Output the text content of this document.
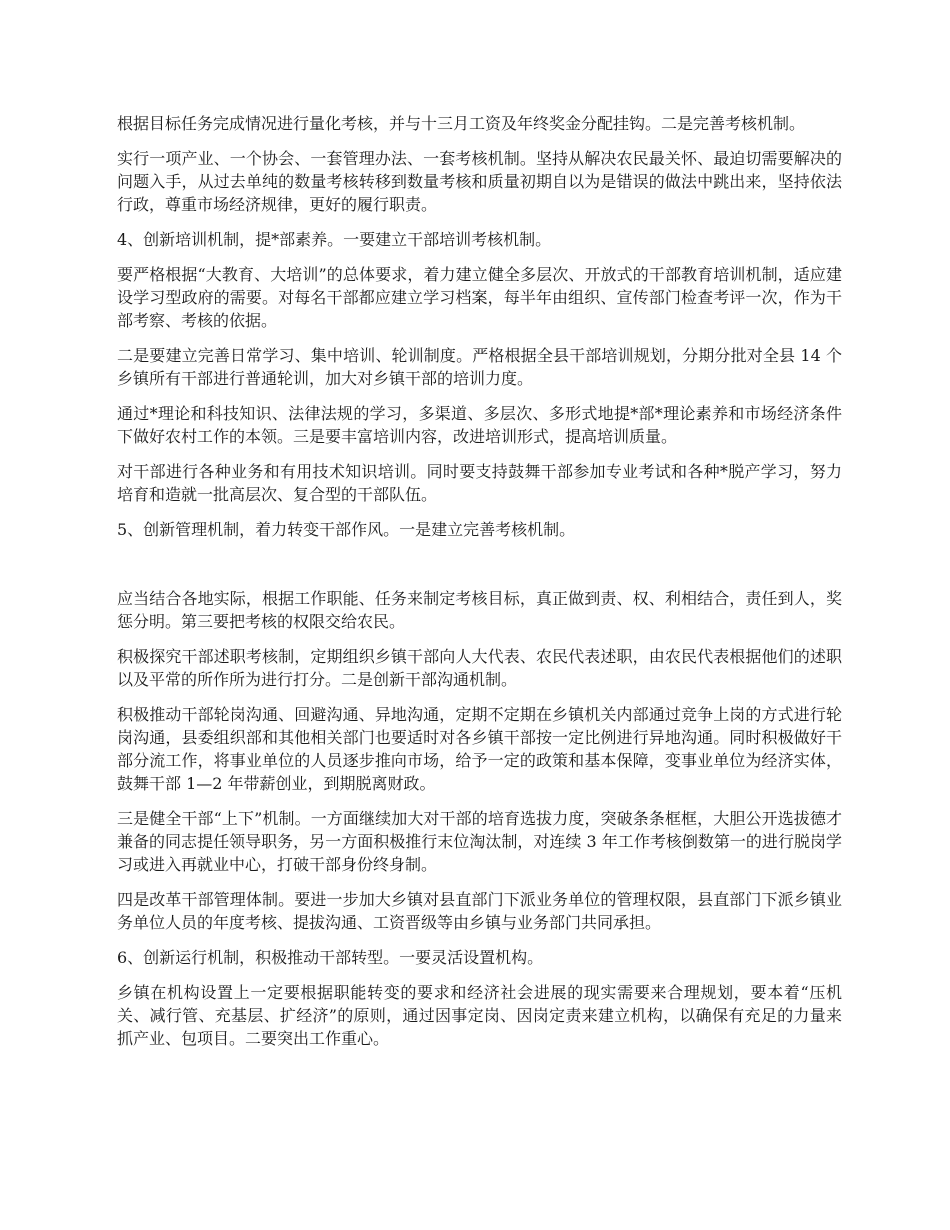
根据目标任务完成情况进行量化考核，并与十三月工资及年终奖金分配挂钩。二是完善考核机制。

实行一项产业、一个协会、一套管理办法、一套考核机制。坚持从解决农民最关怀、最迫切需要解决的问题入手，从过去单纯的数量考核转移到数量考核和质量初期自以为是错误的做法中跳出来，坚持依法行政，尊重市场经济规律，更好的履行职责。

4、创新培训机制，提*部素养。一要建立干部培训考核机制。

要严格根据“大教育、大培训”的总体要求，着力建立健全多层次、开放式的干部教育培训机制，适应建设学习型政府的需要。对每名干部都应建立学习档案，每半年由组织、宣传部门检查考评一次，作为干部考察、考核的依据。

二是要建立完善日常学习、集中培训、轮训制度。严格根据全县干部培训规划，分期分批对全县 14 个乡镇所有干部进行普通轮训，加大对乡镇干部的培训力度。

通过*理论和科技知识、法律法规的学习，多渠道、多层次、多形式地提*部*理论素养和市场经济条件下做好农村工作的本领。三是要丰富培训内容，改进培训形式，提高培训质量。

对干部进行各种业务和有用技术知识培训。同时要支持鼓舞干部参加专业考试和各种*脱产学习，努力培育和造就一批高层次、复合型的干部队伍。

5、创新管理机制，着力转变干部作风。一是建立完善考核机制。

应当结合各地实际，根据工作职能、任务来制定考核目标，真正做到责、权、利相结合，责任到人，奖惩分明。第三要把考核的权限交给农民。

积极探究干部述职考核制，定期组织乡镇干部向人大代表、农民代表述职，由农民代表根据他们的述职以及平常的所作所为进行打分。二是创新干部沟通机制。

积极推动干部轮岗沟通、回避沟通、异地沟通，定期不定期在乡镇机关内部通过竞争上岗的方式进行轮岗沟通，县委组织部和其他相关部门也要适时对各乡镇干部按一定比例进行异地沟通。同时积极做好干部分流工作，将事业单位的人员逐步推向市场，给予一定的政策和基本保障，变事业单位为经济实体，鼓舞干部 1—2 年带薪创业，到期脱离财政。

三是健全干部“上下”机制。一方面继续加大对干部的培育选拔力度，突破条条框框，大胆公开选拔德才兼备的同志提任领导职务，另一方面积极推行末位淘汰制，对连续 3 年工作考核倒数第一的进行脱岗学习或进入再就业中心，打破干部身份终身制。

四是改革干部管理体制。要进一步加大乡镇对县直部门下派业务单位的管理权限，县直部门下派乡镇业务单位人员的年度考核、提拔沟通、工资晋级等由乡镇与业务部门共同承担。

6、创新运行机制，积极推动干部转型。一要灵活设置机构。

乡镇在机构设置上一定要根据职能转变的要求和经济社会进展的现实需要来合理规划，要本着“压机关、减行管、充基层、扩经济”的原则，通过因事定岗、因岗定责来建立机构，以确保有充足的力量来抓产业、包项目。二要突出工作重心。
